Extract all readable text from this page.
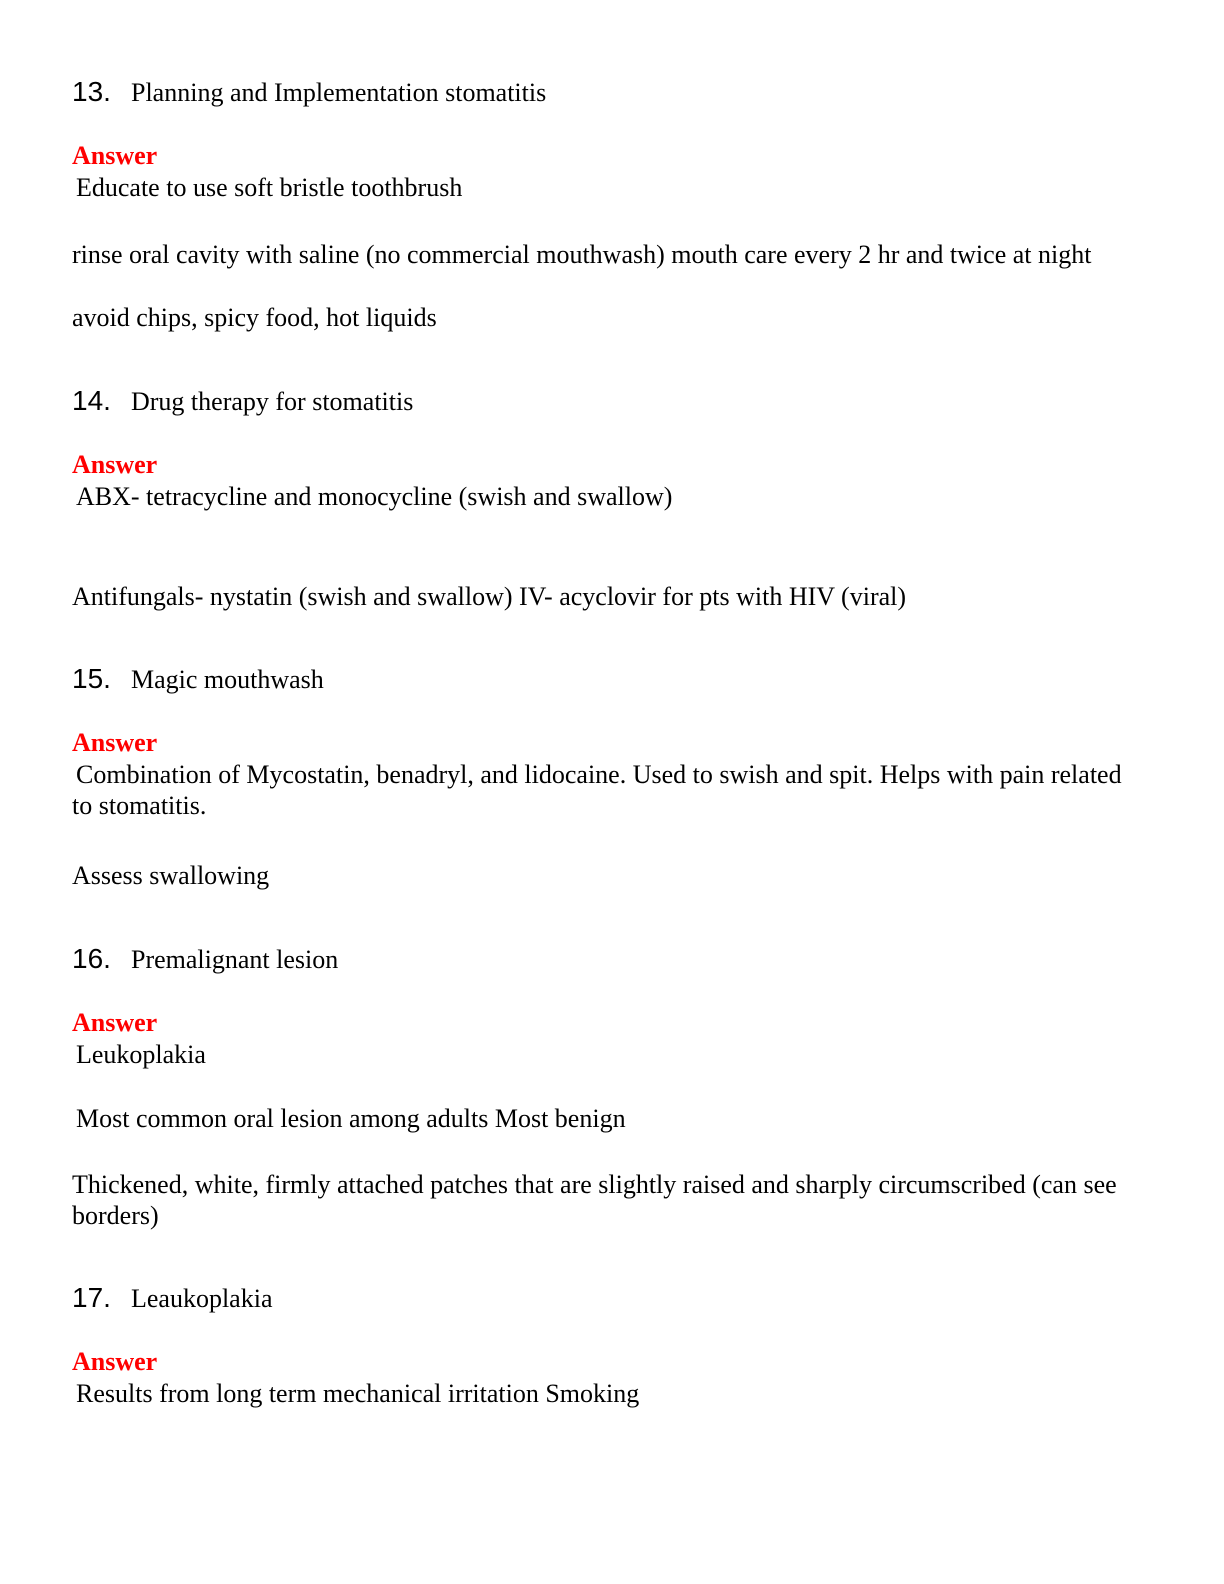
13. Planning and Implementation stomatitis
Answer
Educate to use soft bristle toothbrush
rinse oral cavity with saline (no commercial mouthwash) mouth care every 2 hr and twice at night
avoid chips, spicy food, hot liquids
14. Drug therapy for stomatitis
Answer
ABX- tetracycline and monocycline (swish and swallow)
Antifungals- nystatin (swish and swallow) IV- acyclovir for pts with HIV (viral)
15. Magic mouthwash
Answer
Combination of Mycostatin, benadryl, and lidocaine. Used to swish and spit. Helps with pain related to stomatitis.
Assess swallowing
16. Premalignant lesion
Answer
Leukoplakia
Most common oral lesion among adults Most benign
Thickened, white, firmly attached patches that are slightly raised and sharply circumscribed (can see borders)
17. Leaukoplakia
Answer
Results from long term mechanical irritation Smoking
